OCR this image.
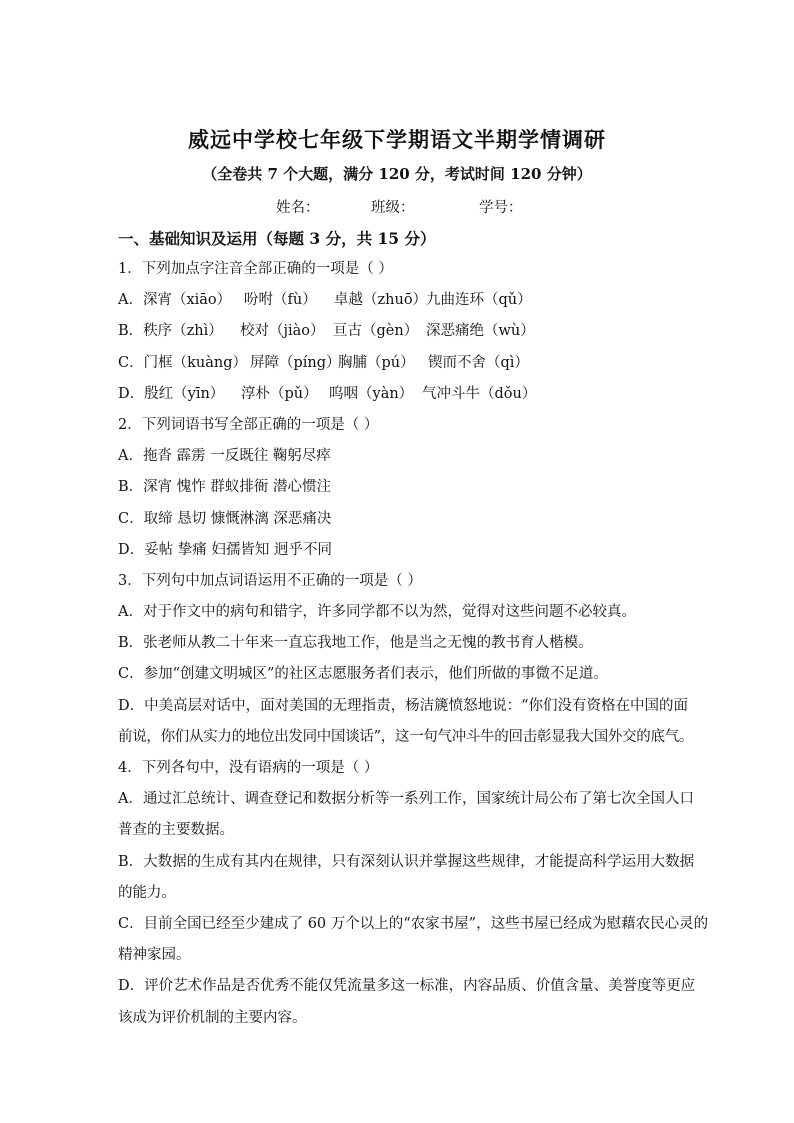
威远中学校七年级下学期语文半期学情调研
（全卷共 7 个大题，满分 120 分，考试时间 120 分钟）
姓名：	班级：	学号：
一、基础知识及运用（每题 3 分，共 15 分）
1．下列加点字注音全部正确的一项是（ ）
A．深宵（xiāo） 吩咐（fù） 卓越（zhuō）九曲连环（qǔ）
B．秩序（zhì） 校对（jiào） 亘古（gèn） 深恶痛绝（wù）
C．门框（kuàng） 屏障（píng）胸脯（pú） 锲而不舍（qì）
D．殷红（yīn） 淳朴（pǔ） 呜咽（yàn） 气冲斗牛（dǒu）
2．下列词语书写全部正确的一项是（ ）
A．拖沓 霹雳 一反既往 鞠躬尽瘁
B．深宵 愧怍 群蚁排衙 潜心惯注
C．取缔 恳切 慷慨淋漓 深恶痛决
D．妥帖 挚痛 妇孺皆知 迥乎不同
3．下列句中加点词语运用不正确的一项是（ ）
A．对于作文中的病句和错字，许多同学都不以为然，觉得对这些问题不必较真。
B．张老师从教二十年来一直忘我地工作，他是当之无愧的教书育人楷模。
C．参加“创建文明城区”的社区志愿服务者们表示，他们所做的事微不足道。
D．中美高层对话中，面对美国的无理指责，杨洁篪愤怒地说：“你们没有资格在中国的面
前说，你们从实力的地位出发同中国谈话”，这一句气冲斗牛的回击彰显我大国外交的底气。
4．下列各句中，没有语病的一项是（ ）
A．通过汇总统计、调查登记和数据分析等一系列工作，国家统计局公布了第七次全国人口
普查的主要数据。
B．大数据的生成有其内在规律，只有深刻认识并掌握这些规律，才能提高科学运用大数据
的能力。
C．目前全国已经至少建成了 60 万个以上的“农家书屋”，这些书屋已经成为慰藉农民心灵的
精神家园。
D．评价艺术作品是否优秀不能仅凭流量多这一标准，内容品质、价值含量、美誉度等更应
该成为评价机制的主要内容。
